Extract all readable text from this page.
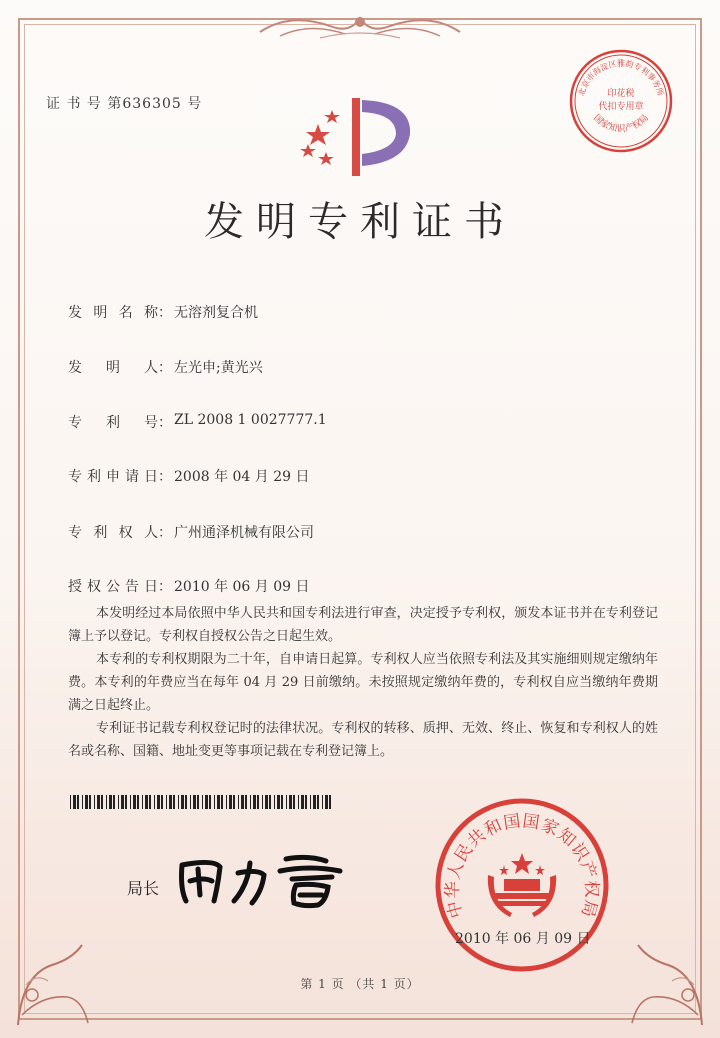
证 书 号 第636305 号
发明专利证书
发 明 名 称 ： 无溶剂复合机
发 明 人 ： 左光申;黄光兴
专 利 号 ： ZL 2008 1 0027777.1
专 利 申 请 日 ： 2008 年 04 月 29 日
专 利 权 人 ： 广州通泽机械有限公司
授 权 公 告 日 ： 2010 年 06 月 09 日

本发明经过本局依照中华人民共和国专利法进行审查，决定授予专利权，颁发本证书并在专利登记簿上予以登记。专利权自授权公告之日起生效。

本专利的专利权期限为二十年，自申请日起算。专利权人应当依照专利法及其实施细则规定缴纳年费。本专利的年费应当在每年 04 月 29 日前缴纳。未按照规定缴纳年费的，专利权自应当缴纳年费期满之日起终止。

专利证书记载专利权登记时的法律状况。专利权的转移、质押、无效、终止、恢复和专利权人的姓名或名称、国籍、地址变更等事项记载在专利登记簿上。

局长
中华人民共和国国家知识产权局
2010 年 06 月 09 日
北京市海淀区雅韵专利事务所
印花税
代扣专用章
国家知识产权局
第 1 页 （共 1 页）
